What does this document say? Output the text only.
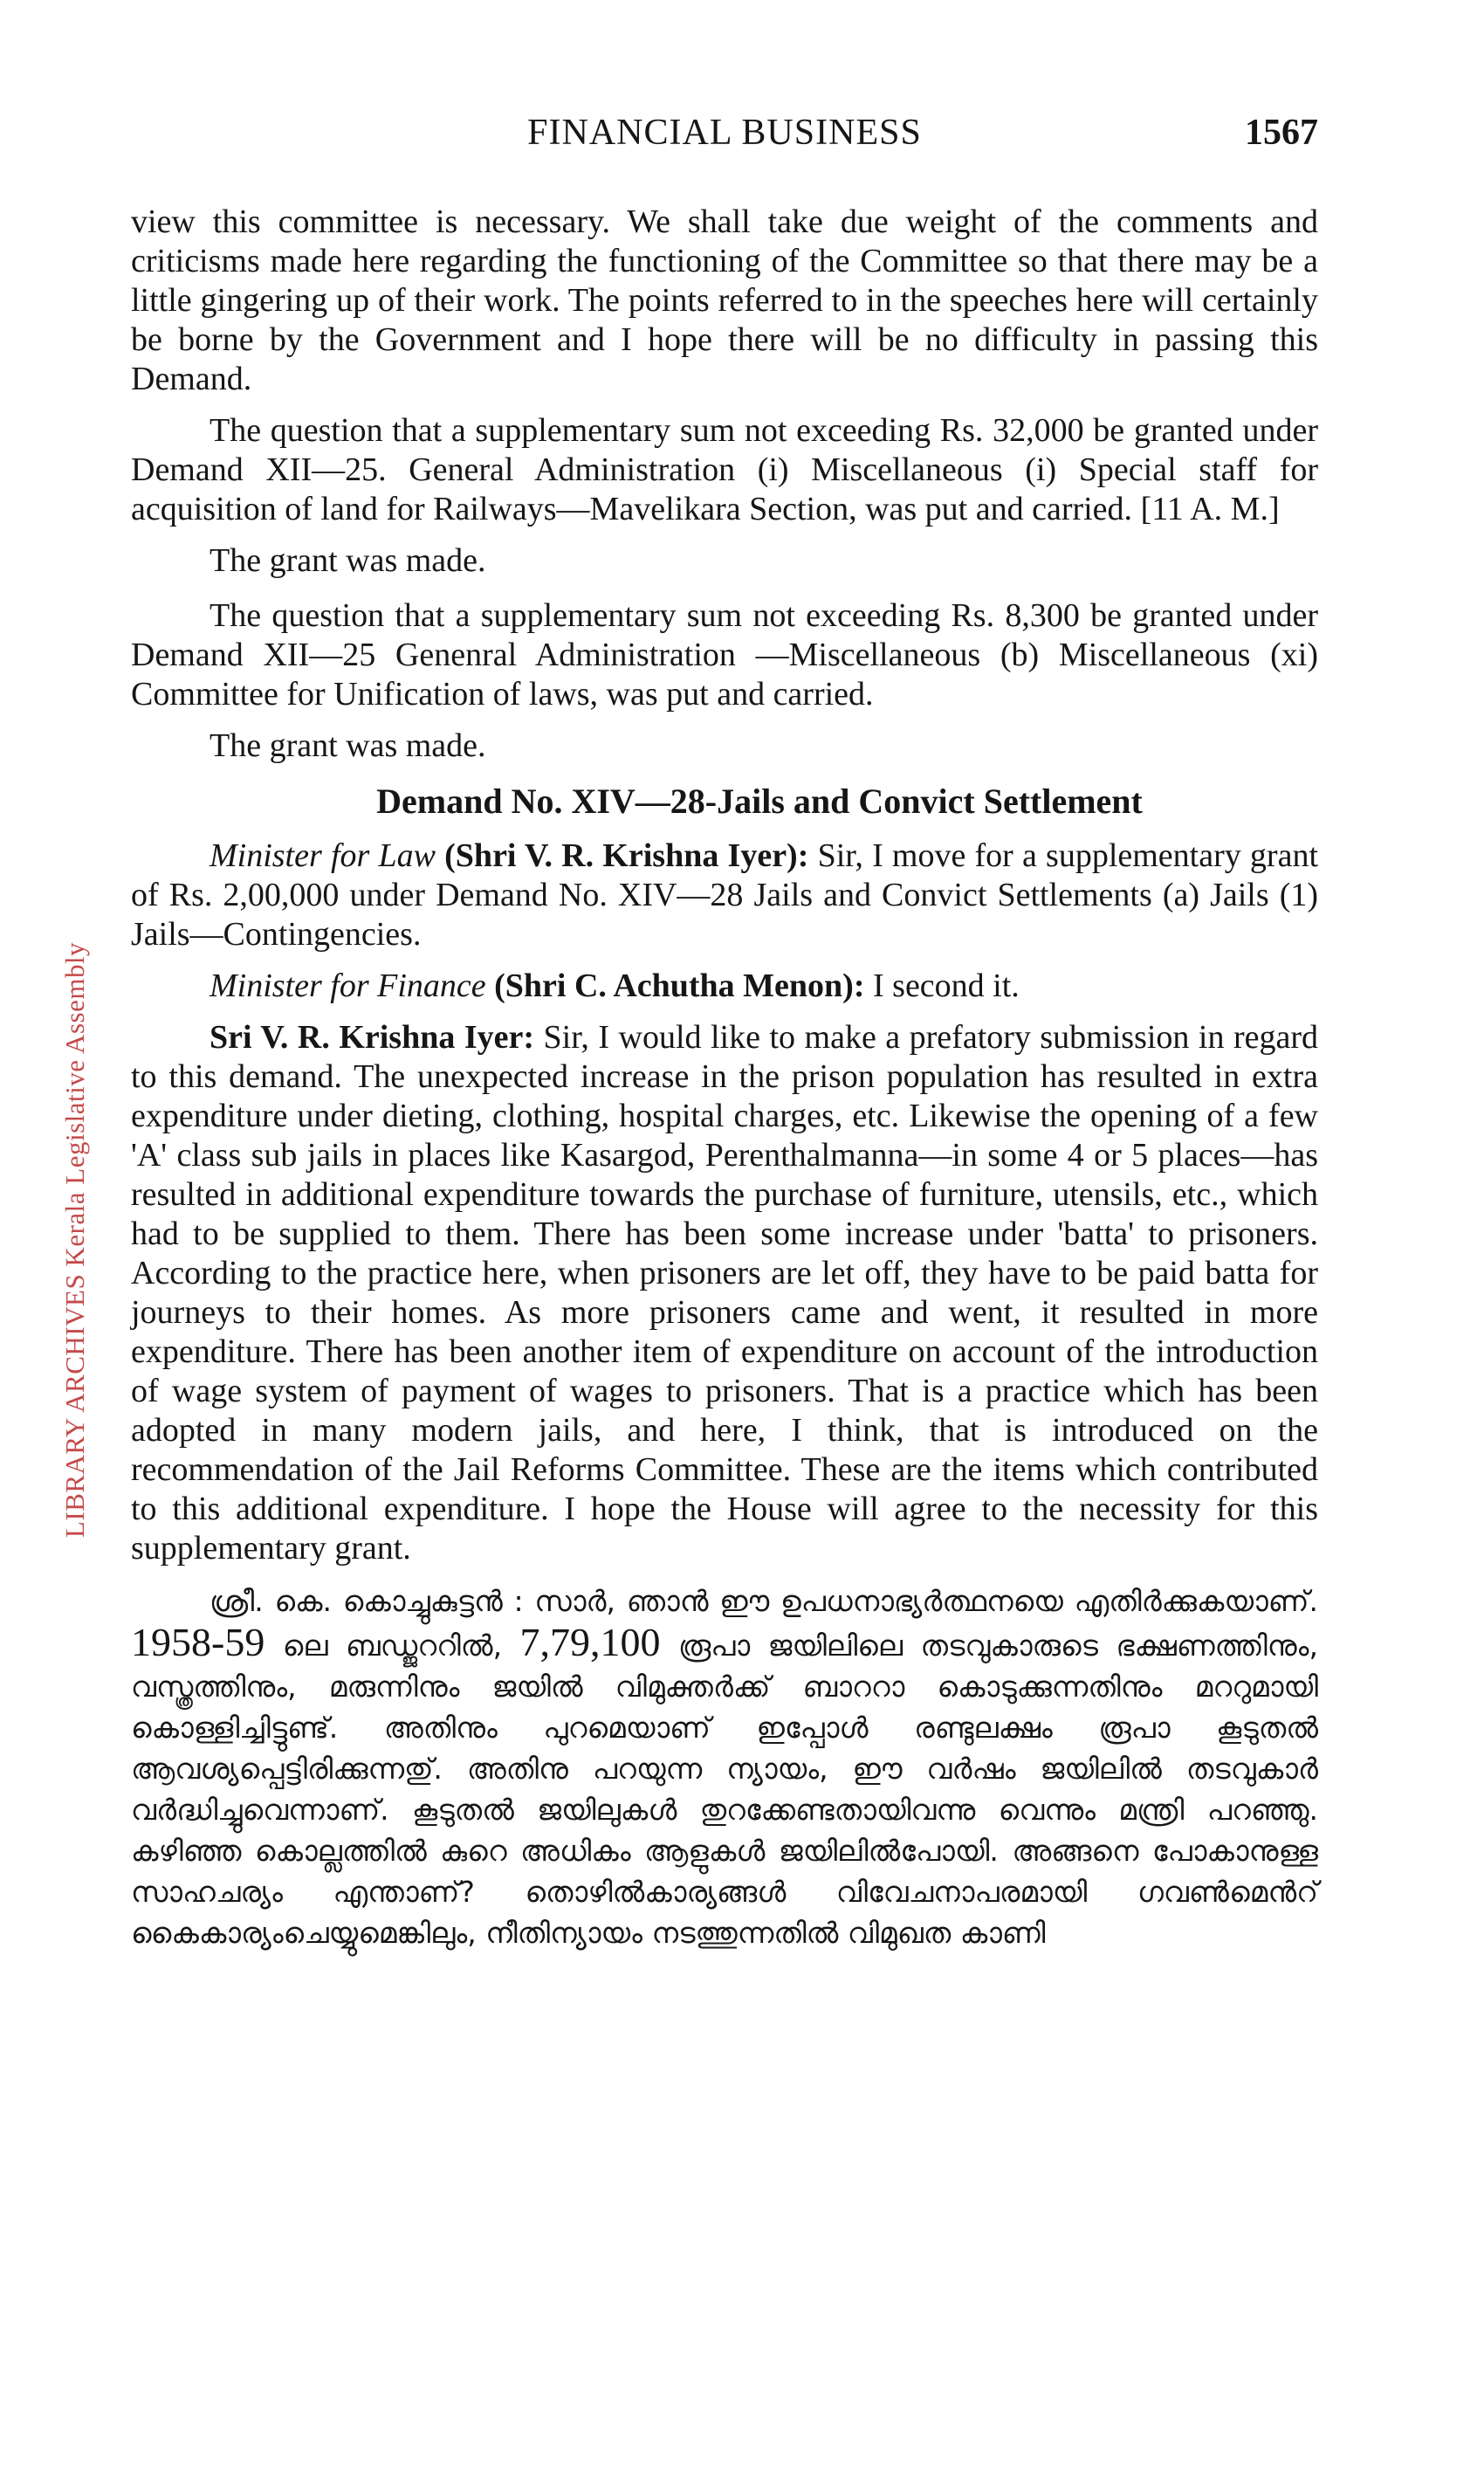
FINANCIAL BUSINESS	1567
LIBRARY ARCHIVES Kerala Legislative Assembly

view this committee is necessary. We shall take due weight of the comments and criticisms made here regarding the functioning of the Committee so that there may be a little gingering up of their work. The points referred to in the speeches here will certainly be borne by the Government and I hope there will be no difficulty in passing this Demand.

The question that a supplementary sum not exceeding Rs. 32,000 be granted under Demand XII—25. General Administration (i) Miscellaneous (i) Special staff for acquisition of land for Railways—Mavelikara Section, was put and carried. [11 A. M.]

The grant was made.

The question that a supplementary sum not exceeding Rs. 8,300 be granted under Demand XII—25 Genenral Administration —Miscellaneous (b) Miscellaneous (xi) Committee for Unification of laws, was put and carried.

The grant was made.

Demand No. XIV—28-Jails and Convict Settlement

Minister for Law (Shri V. R. Krishna Iyer): Sir, I move for a supplementary grant of Rs. 2,00,000 under Demand No. XIV—28 Jails and Convict Settlements (a) Jails (1) Jails—Contingencies.

Minister for Finance (Shri C. Achutha Menon): I second it.

Sri V. R. Krishna Iyer: Sir, I would like to make a prefatory submission in regard to this demand. The unexpected increase in the prison population has resulted in extra expenditure under dieting, clothing, hospital charges, etc. Likewise the opening of a few 'A' class sub jails in places like Kasargod, Perenthalmanna—in some 4 or 5 places—has resulted in additional expenditure towards the purchase of furniture, utensils, etc., which had to be supplied to them. There has been some increase under 'batta' to prisoners. According to the practice here, when prisoners are let off, they have to be paid batta for journeys to their homes. As more prisoners came and went, it resulted in more expenditure. There has been another item of expenditure on account of the introduction of wage system of payment of wages to prisoners. That is a practice which has been adopted in many modern jails, and here, I think, that is introduced on the recommendation of the Jail Reforms Committee. These are the items which contributed to this additional expenditure. I hope the House will agree to the necessity for this supplementary grant.

ശ്രീ. കെ. കൊച്ചുകുട്ടൻ : സാർ, ഞാൻ ഈ ഉപധനാഭ്യർത്ഥനയെ എതിർക്കുകയാണ്. 1958-59 ലെ ബഡ്ജററിൽ, 7,79,100 രൂപാ ജയിലിലെ തടവുകാരുടെ ഭക്ഷണത്തിനും, വസ്ത്രത്തിനും, മരുന്നിനും ജയിൽ വിമുക്തർക്ക് ബാററാ കൊടുക്കുന്നതിനും മററുമായി കൊള്ളിച്ചിട്ടുണ്ട്. അതിനും പുറമെയാണ് ഇപ്പോൾ രണ്ടുലക്ഷം രൂപാ കൂടുതൽ ആവശ്യപ്പെട്ടിരിക്കുന്നതു്. അതിനു പറയുന്ന ന്യായം, ഈ വർഷം ജയിലിൽ തടവുകാർ വർദ്ധിച്ചുവെന്നാണ്. കൂടുതൽ ജയിലുകൾ തുറക്കേണ്ടതായിവന്നു വെന്നും മന്ത്രി പറഞ്ഞു. കഴിഞ്ഞ കൊല്ലത്തിൽ കുറെ അധികം ആളുകൾ ജയിലിൽപോയി. അങ്ങനെ പോകാനുള്ള സാഹചര്യം എന്താണ്? തൊഴിൽകാര്യങ്ങൾ വിവേചനാപരമായി ഗവൺമെൻറ് കൈകാര്യംചെയ്യുമെങ്കിലും, നീതിന്യായം നടത്തുന്നതിൽ വിമുഖത കാണി
